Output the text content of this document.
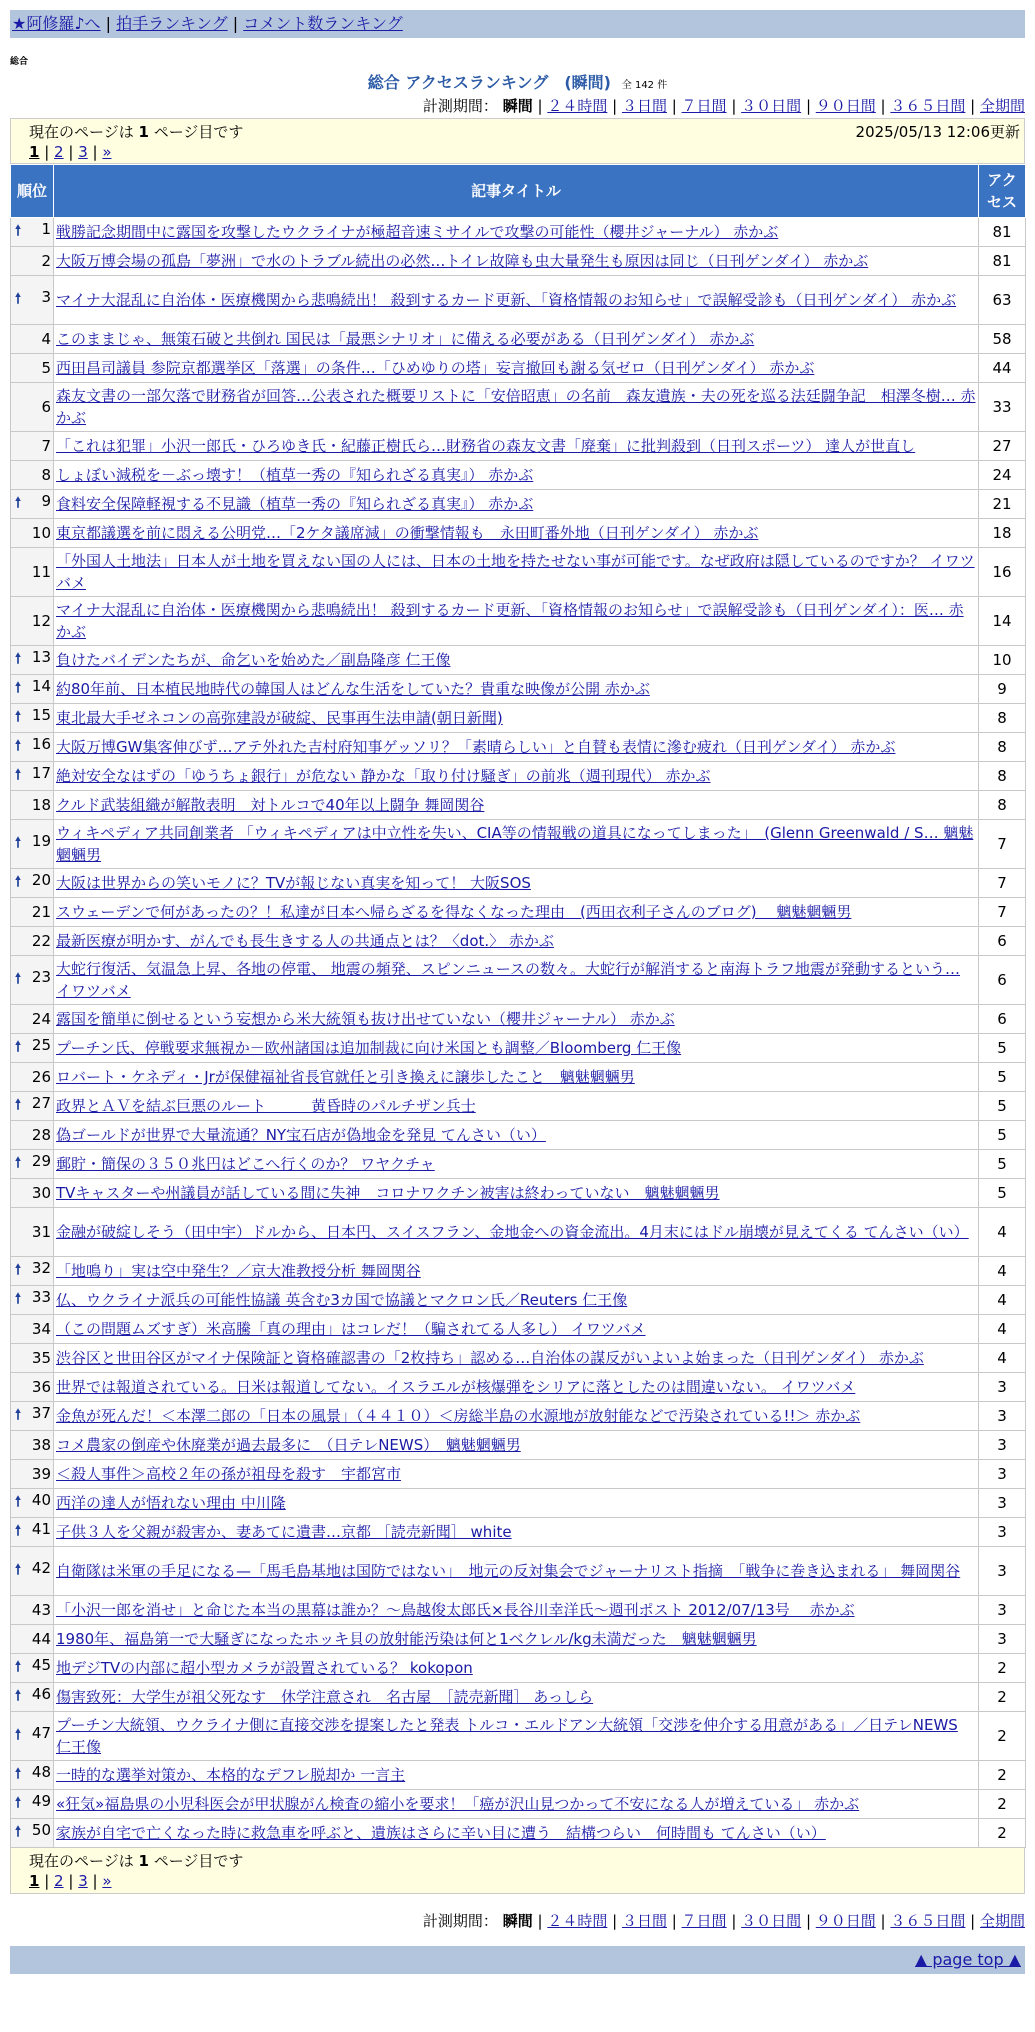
★阿修羅♪へ | 拍手ランキング | コメント数ランキング
総合
総合 アクセスランキング　(瞬間) 全 142 件
計測期間： 瞬間 | ２４時間 | ３日間 | ７日間 | ３０日間 | ９０日間 | ３６５日間 | 全期間
現在のページは 1 ページ目です	2025/05/13 12:06更新
1 | 2 | 3 | »
順位	記事タイトル	アクセス

🠕 1	戦勝記念期間中に露国を攻撃したウクライナが極超音速ミサイルで攻撃の可能性（櫻井ジャーナル） 赤かぶ	81
2	大阪万博会場の孤島「夢洲」で水のトラブル続出の必然…トイレ故障も虫大量発生も原因は同じ（日刊ゲンダイ） 赤かぶ	81

🠕 3	マイナ大混乱に自治体・医療機関から悲鳴続出！ 殺到するカード更新、「資格情報のお知らせ」で誤解受診も（日刊ゲンダイ） 赤かぶ	63
4	このままじゃ、無策石破と共倒れ 国民は「最悪シナリオ」に備える必要がある（日刊ゲンダイ） 赤かぶ	58
5	西田昌司議員 参院京都選挙区「落選」の条件…「ひめゆりの塔」妄言撤回も謝る気ゼロ（日刊ゲンダイ） 赤かぶ	44
6	森友文書の一部欠落で財務省が回答…公表された概要リストに「安倍昭恵」の名前　森友遺族・夫の死を巡る法廷闘争記　相澤冬樹… 赤かぶ	33
7	「これは犯罪」小沢一郎氏・ひろゆき氏・紀藤正樹氏ら…財務省の森友文書「廃棄」に批判殺到（日刊スポーツ） 達人が世直し	27
8	しょぼい減税を－ぶっ壊す！（植草一秀の『知られざる真実』） 赤かぶ	24

🠕 9	食料安全保障軽視する不見識（植草一秀の『知られざる真実』） 赤かぶ	21
10	東京都議選を前に悶える公明党…「2ケタ議席減」の衝撃情報も　永田町番外地（日刊ゲンダイ） 赤かぶ	18
11	「外国人土地法」日本人が土地を買えない国の人には、日本の土地を持たせない事が可能です。なぜ政府は隠しているのですか？ イワツバメ	16
12	マイナ大混乱に自治体・医療機関から悲鳴続出！ 殺到するカード更新、「資格情報のお知らせ」で誤解受診も（日刊ゲンダイ）：医… 赤かぶ	14

🠕 13	負けたバイデンたちが、命乞いを始めた／副島隆彦 仁王像	10

🠕 14	約80年前、日本植民地時代の韓国人はどんな生活をしていた？貴重な映像が公開 赤かぶ	9

🠕 15	東北最大手ゼネコンの高弥建設が破綻、民事再生法申請(朝日新聞)	8

🠕 16	大阪万博GW集客伸びず…アテ外れた吉村府知事ゲッソリ？「素晴らしい」と自賛も表情に滲む疲れ（日刊ゲンダイ） 赤かぶ	8

🠕 17	絶対安全なはずの「ゆうちょ銀行」が危ない 静かな「取り付け騒ぎ」の前兆（週刊現代） 赤かぶ	8
18	クルド武装組織が解散表明　対トルコで40年以上闘争 舞岡関谷	8

🠕 19	ウィキペディア共同創業者 「ウィキペディアは中立性を失い、CIA等の情報戦の道具になってしまった」　(Glenn Greenwald / S… 魑魅魍魎男	7

🠕 20	大阪は世界からの笑いモノに？TVが報じない真実を知って！ 大阪SOS	7
21	スウェーデンで何があったの？！私達が日本へ帰らざるを得なくなった理由　(西田衣利子さんのブログ)　 魑魅魍魎男	7
22	最新医療が明かす、がんでも長生きする人の共通点とは？〈dot.〉 赤かぶ	6

🠕 23	大蛇行復活、気温急上昇、各地の停電、 地震の頻発、スピンニュースの数々。大蛇行が解消すると南海トラフ地震が発動するという… イワツバメ	6
24	露国を簡単に倒せるという妄想から米大統領も抜け出せていない（櫻井ジャーナル） 赤かぶ	6

🠕 25	プーチン氏、停戦要求無視か－欧州諸国は追加制裁に向け米国とも調整／Bloomberg 仁王像	5
26	ロバート・ケネディ・Jrが保健福祉省長官就任と引き換えに譲歩したこと　魑魅魍魎男	5

🠕 27	政界とＡＶを結ぶ巨悪のルート　　　黄昏時のパルチザン兵士	5
28	偽ゴールドが世界で大量流通？NY宝石店が偽地金を発見 てんさい（い）	5

🠕 29	郵貯・簡保の３５０兆円はどこへ行くのか？ ワヤクチャ	5
30	TVキャスターや州議員が話している間に失神　コロナワクチン被害は終わっていない　魑魅魍魎男	5
31	金融が破綻しそう（田中宇）ドルから、日本円、スイスフラン、金地金への資金流出。4月末にはドル崩壊が見えてくる てんさい（い）	4

🠕 32	「地鳴り」実は空中発生？／京大准教授分析 舞岡関谷	4

🠕 33	仏、ウクライナ派兵の可能性協議 英含む3カ国で協議とマクロン氏／Reuters 仁王像	4
34	（この問題ムズすぎ）米高騰「真の理由」はコレだ！（騙されてる人多し） イワツバメ	4
35	渋谷区と世田谷区がマイナ保険証と資格確認書の「2枚持ち」認める…自治体の謀反がいよいよ始まった（日刊ゲンダイ） 赤かぶ	4
36	世界では報道されている。日米は報道してない。イスラエルが核爆弾をシリアに落としたのは間違いない。 イワツバメ	3

🠕 37	金魚が死んだ！＜本澤二郎の「日本の風景」（４４１０）＜房総半島の水源地が放射能などで汚染されている!!＞ 赤かぶ	3
38	コメ農家の倒産や休廃業が過去最多に　（日テレNEWS）　魑魅魍魎男	3
39	＜殺人事件＞高校２年の孫が祖母を殺す　宇都宮市	3

🠕 40	西洋の達人が悟れない理由 中川隆	3

🠕 41	子供３人を父親が殺害か、妻あてに遺書…京都 ［読売新聞］ white	3

🠕 42	自衛隊は米軍の手足になる—「馬毛島基地は国防ではない」　地元の反対集会でジャーナリスト指摘　「戦争に巻き込まれる」 舞岡関谷	3
43	「小沢一郎を消せ」と命じた本当の黒幕は誰か？〜鳥越俊太郎氏×長谷川幸洋氏〜週刊ポスト 2012/07/13号　 赤かぶ	3
44	1980年、福島第一で大騒ぎになったホッキ貝の放射能汚染は何と1ベクレル/kg未満だった　魑魅魍魎男	3

🠕 45	地デジTVの内部に超小型カメラが設置されている？ kokopon	2

🠕 46	傷害致死：大学生が祖父死なす　休学注意され　名古屋　［読売新聞］ あっしら	2

🠕 47	プーチン大統領、ウクライナ側に直接交渉を提案したと発表 トルコ・エルドアン大統領「交渉を仲介する用意がある」／日テレNEWS 仁王像	2

🠕 48	一時的な選挙対策か、本格的なデフレ脱却か 一言主	2

🠕 49	«狂気»福島県の小児科医会が甲状腺がん検査の縮小を要求！「癌が沢山見つかって不安になる人が増えている」 赤かぶ	2

🠕 50	家族が自宅で亡くなった時に救急車を呼ぶと、遺族はさらに辛い目に遭う　結構つらい　何時間も てんさい（い）	2
現在のページは 1 ページ目です
1 | 2 | 3 | »
計測期間： 瞬間 | ２４時間 | ３日間 | ７日間 | ３０日間 | ９０日間 | ３６５日間 | 全期間
▲ page top ▲
